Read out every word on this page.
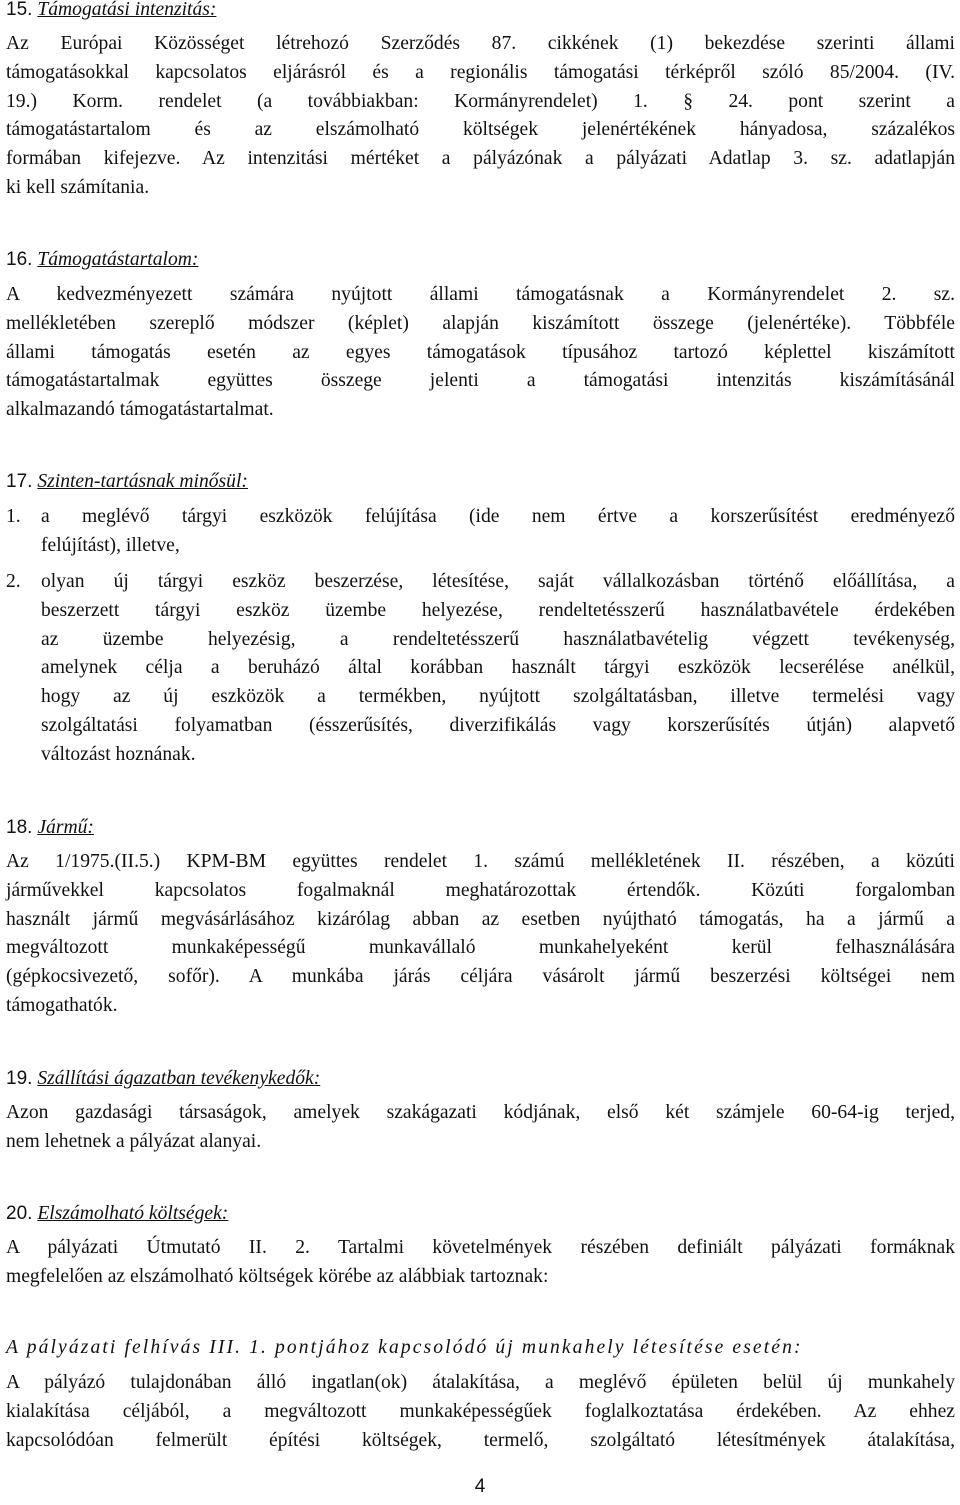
15. Támogatási intenzitás:
Az Európai Közösséget létrehozó Szerződés 87. cikkének (1) bekezdése szerinti állami
támogatásokkal kapcsolatos eljárásról és a regionális támogatási térképről szóló 85/2004. (IV.
19.) Korm. rendelet (a továbbiakban: Kormányrendelet) 1. § 24. pont szerint a
támogatástartalom és az elszámolható költségek jelenértékének hányadosa, százalékos
formában kifejezve. Az intenzitási mértéket a pályázónak a pályázati Adatlap 3. sz. adatlapján
ki kell számítania.
16. Támogatástartalom:
A kedvezményezett számára nyújtott állami támogatásnak a Kormányrendelet 2. sz.
mellékletében szereplő módszer (képlet) alapján kiszámított összege (jelenértéke). Többféle
állami támogatás esetén az egyes támogatások típusához tartozó képlettel kiszámított
támogatástartalmak együttes összege jelenti a támogatási intenzitás kiszámításánál
alkalmazandó támogatástartalmat.
17. Szinten-tartásnak minősül:
1. a meglévő tárgyi eszközök felújítása (ide nem értve a korszerűsítést eredményező
felújítást), illetve,
2. olyan új tárgyi eszköz beszerzése, létesítése, saját vállalkozásban történő előállítása, a
beszerzett tárgyi eszköz üzembe helyezése, rendeltetésszerű használatbavétele érdekében
az üzembe helyezésig, a rendeltetésszerű használatbavételig végzett tevékenység,
amelynek célja a beruházó által korábban használt tárgyi eszközök lecserélése anélkül,
hogy az új eszközök a termékben, nyújtott szolgáltatásban, illetve termelési vagy
szolgáltatási folyamatban (ésszerűsítés, diverzifikálás vagy korszerűsítés útján) alapvető
változást hoznának.
18. Jármű:
Az 1/1975.(II.5.) KPM-BM együttes rendelet 1. számú mellékletének II. részében, a közúti
járművekkel kapcsolatos fogalmaknál meghatározottak értendők. Közúti forgalomban
használt jármű megvásárlásához kizárólag abban az esetben nyújtható támogatás, ha a jármű a
megváltozott munkaképességű munkavállaló munkahelyeként kerül felhasználására
(gépkocsivezető, sofőr). A munkába járás céljára vásárolt jármű beszerzési költségei nem
támogathatók.
19. Szállítási ágazatban tevékenykedők:
Azon gazdasági társaságok, amelyek szakágazati kódjának, első két számjele 60-64-ig terjed,
nem lehetnek a pályázat alanyai.
20. Elszámolható költségek:
A pályázati Útmutató II. 2. Tartalmi követelmények részében definiált pályázati formáknak
megfelelően az elszámolható költségek körébe az alábbiak tartoznak:
A pályázati felhívás III. 1. pontjához kapcsolódó új munkahely létesítése esetén:
A pályázó tulajdonában álló ingatlan(ok) átalakítása, a meglévő épületen belül új munkahely
kialakítása céljából, a megváltozott munkaképességűek foglalkoztatása érdekében. Az ehhez
kapcsolódóan felmerült építési költségek, termelő, szolgáltató létesítmények átalakítása,
4
